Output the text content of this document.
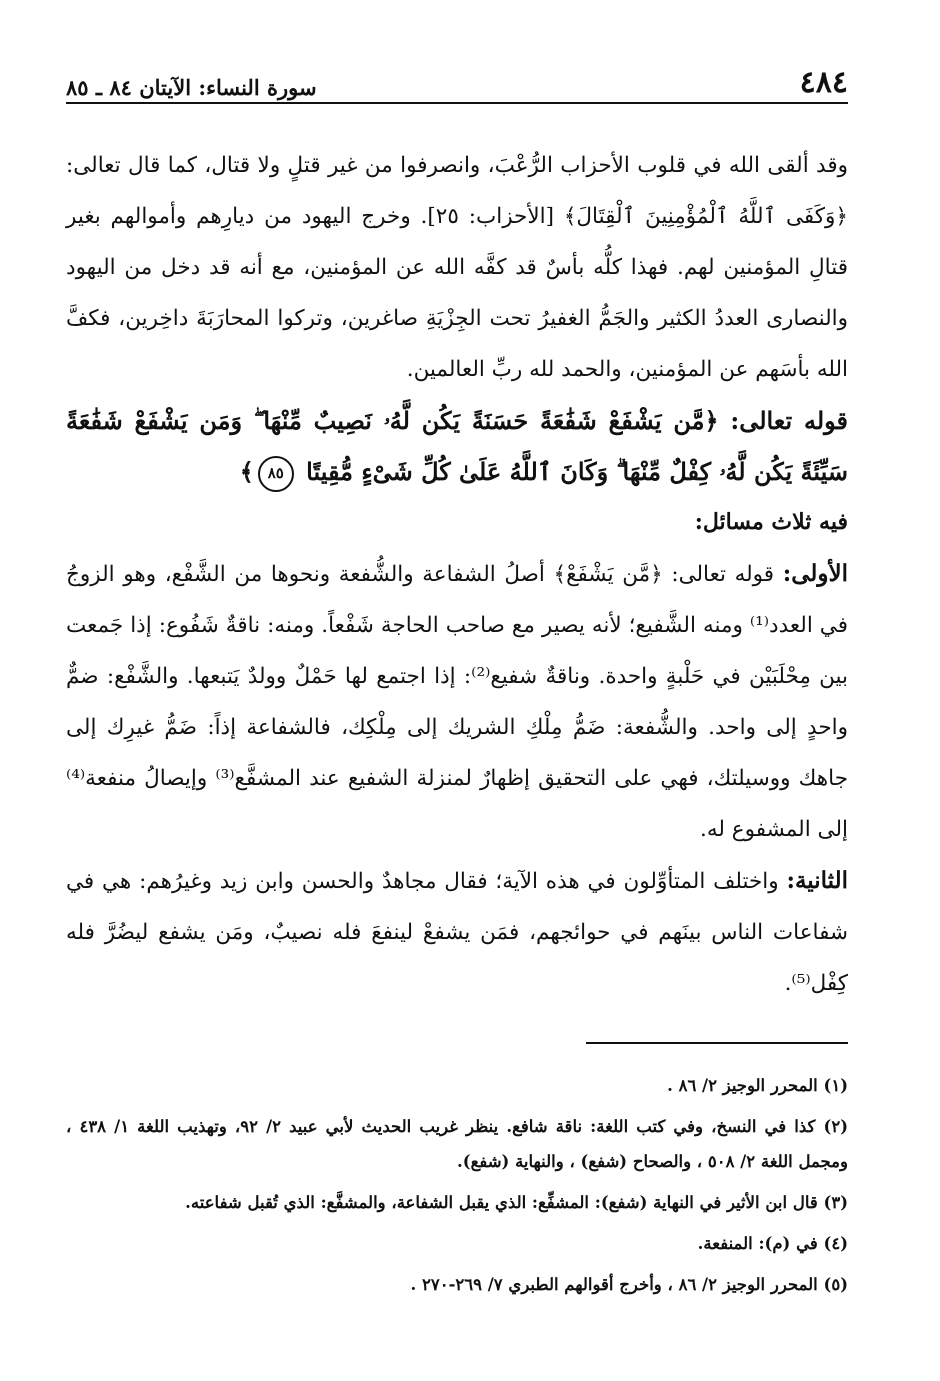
٤٨٤
سورة النساء: الآيتان ٨٤ ـ ٨٥

وقد ألقى الله في قلوب الأحزاب الرُّعْبَ، وانصرفوا من غير قتلٍ ولا قتال، كما قال تعالى: ﴿وَكَفَى ٱللَّهُ ٱلْمُؤْمِنِينَ ٱلْقِتَالَ﴾ [الأحزاب: ٢٥]. وخرج اليهود من ديارِهم وأموالهم بغير قتالِ المؤمنين لهم. فهذا كلُّه بأسٌ قد كفَّه الله عن المؤمنين، مع أنه قد دخل من اليهود والنصارى العددُ الكثير والجَمُّ الغفيرُ تحت الجِزْيَةِ صاغرين، وتركوا المحارَبَةَ داخِرين، فكفَّ الله بأسَهم عن المؤمنين، والحمد لله ربِّ العالمين.

قوله تعالى: ﴿مَّن يَشْفَعْ شَفَٰعَةً حَسَنَةً يَكُن لَّهُۥ نَصِيبٌ مِّنْهَا ۖ وَمَن يَشْفَعْ شَفَٰعَةً سَيِّئَةً يَكُن لَّهُۥ كِفْلٌ مِّنْهَا ۗ وَكَانَ ٱللَّهُ عَلَىٰ كُلِّ شَىْءٍ مُّقِيتًا ٨٥﴾

فيه ثلاث مسائل:

الأولى: قوله تعالى: ﴿مَّن يَشْفَعْ﴾ أصلُ الشفاعة والشُّفعة ونحوها من الشَّفْع، وهو الزوجُ في العدد⁽¹⁾ ومنه الشَّفيع؛ لأنه يصير مع صاحب الحاجة شَفْعاً. ومنه: ناقةٌ شَفُوع: إذا جَمعت بين مِحْلَبَيْن في حَلْبةٍ واحدة. وناقةٌ شفيع⁽²⁾: إذا اجتمع لها حَمْلٌ وولدٌ يَتبعها. والشَّفْع: ضمٌّ واحدٍ إلى واحد. والشُّفعة: ضَمُّ مِلْكِ الشريك إلى مِلْكِك، فالشفاعة إذاً: ضَمُّ غيرِك إلى جاهك ووسيلتك، فهي على التحقيق إظهارٌ لمنزلة الشفيع عند المشفَّع⁽³⁾ وإيصالُ منفعة⁽⁴⁾ إلى المشفوع له.

الثانية: واختلف المتأوِّلون في هذه الآية؛ فقال مجاهدٌ والحسن وابن زيد وغيرُهم: هي في شفاعات الناس بينَهم في حوائجهم، فمَن يشفعْ لينفعَ فله نصيبٌ، ومَن يشفع ليضُرَّ فله كِفْل⁽⁵⁾.

(١) المحرر الوجيز ٢/ ٨٦ .
(٢) كذا في النسخ، وفي كتب اللغة: ناقة شافع. ينظر غريب الحديث لأبي عبيد ٢/ ٩٢، وتهذيب اللغة ١/ ٤٣٨ ، ومجمل اللغة ٢/ ٥٠٨ ، والصحاح (شفع) ، والنهاية (شفع).
(٣) قال ابن الأثير في النهاية (شفع): المشفِّع: الذي يقبل الشفاعة، والمشفَّع: الذي تُقبل شفاعته.
(٤) في (م): المنفعة.
(٥) المحرر الوجيز ٢/ ٨٦ ، وأخرج أقوالهم الطبري ٧/ ٢٦٩-٢٧٠ .
